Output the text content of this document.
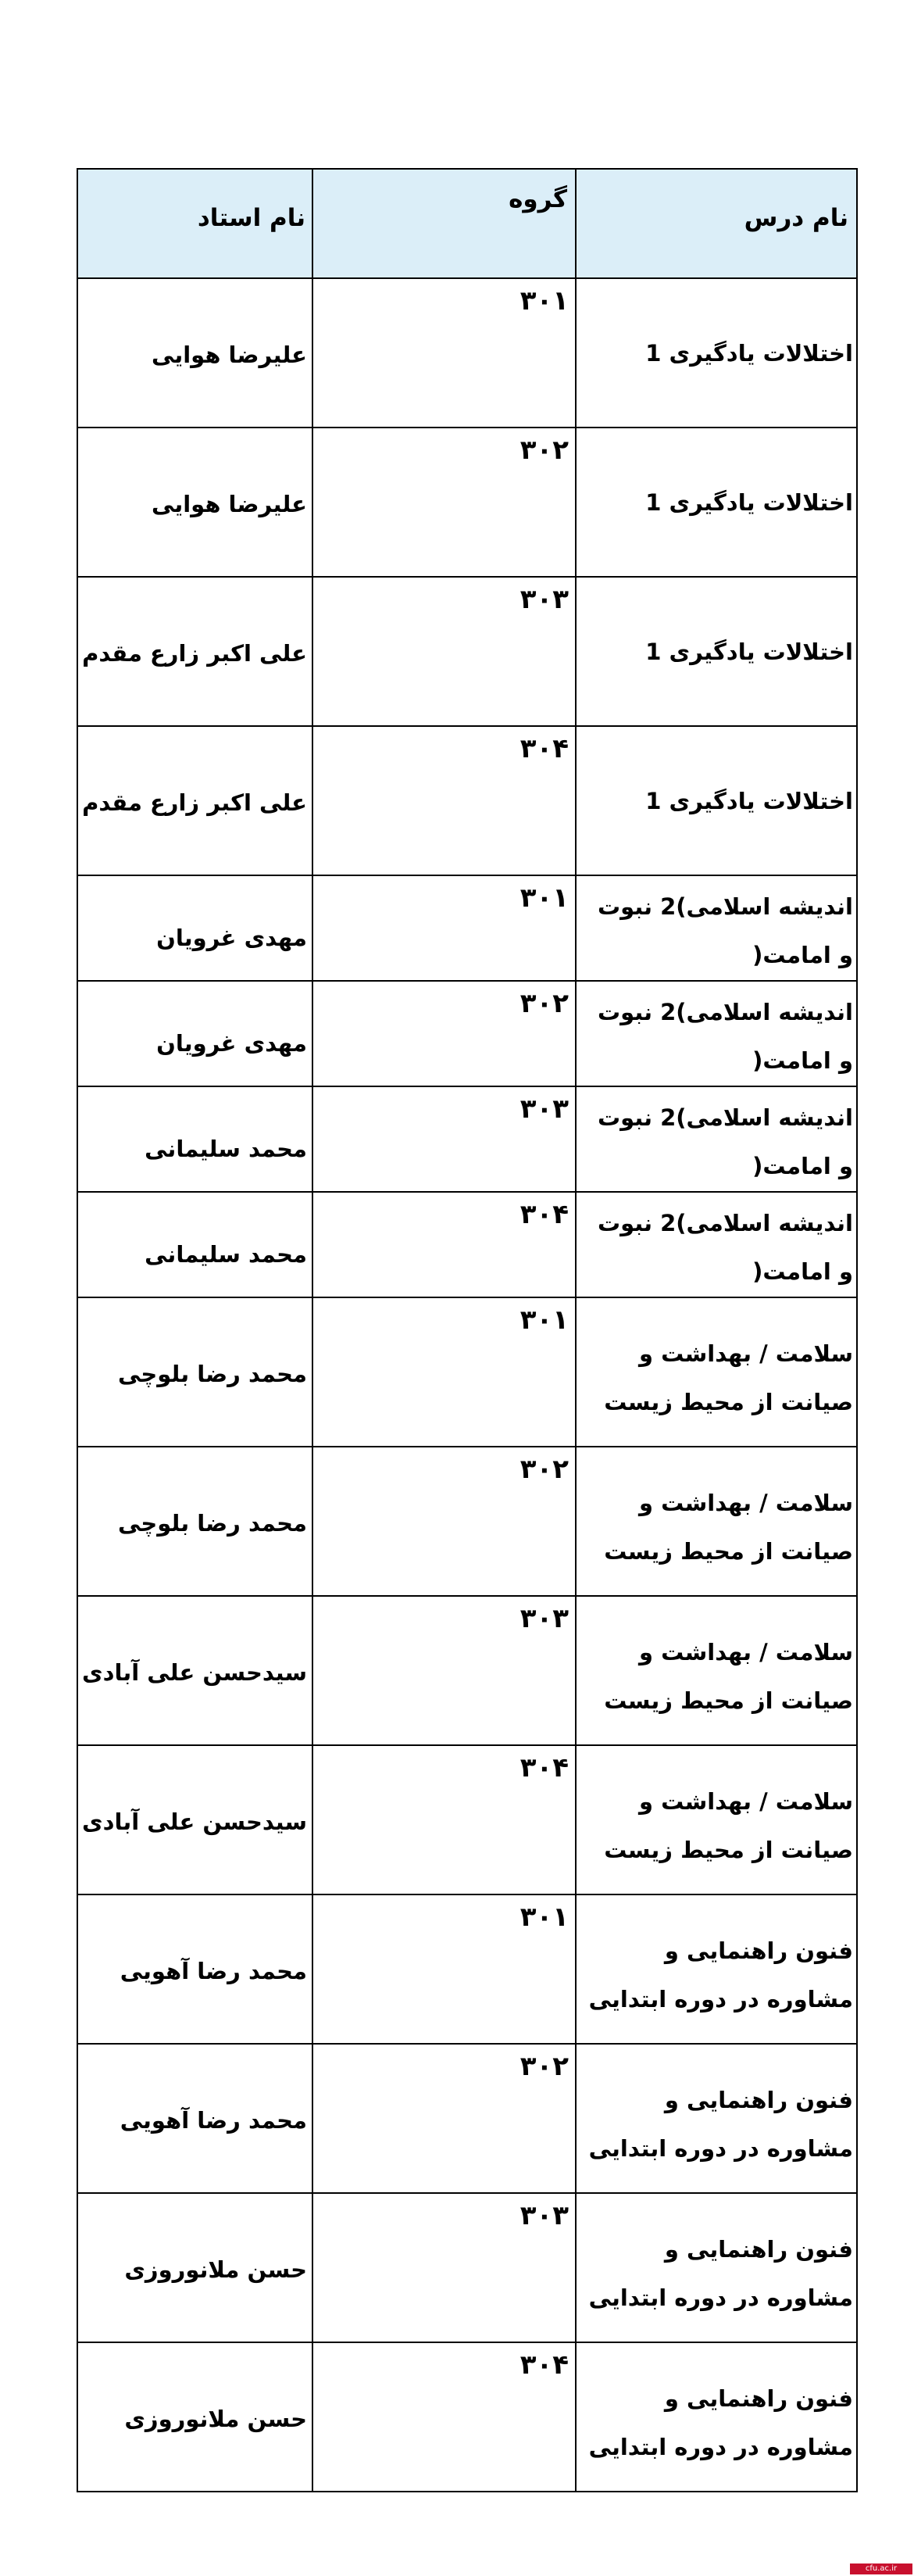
نام درس	گروه	نام استاد

اختلالات یادگیری 1	۳۰۱	علیرضا هوایی

اختلالات یادگیری 1	۳۰۲	علیرضا هوایی

اختلالات یادگیری 1	۳۰۳	علی اکبر زارع مقدم

اختلالات یادگیری 1	۳۰۴	علی اکبر زارع مقدم

اندیشه اسلامی)2 نبوت و امامت(	۳۰۱	مهدی غرویان

اندیشه اسلامی)2 نبوت و امامت(	۳۰۲	مهدی غرویان

اندیشه اسلامی)2 نبوت و امامت(	۳۰۳	محمد سلیمانی

اندیشه اسلامی)2 نبوت و امامت(	۳۰۴	محمد سلیمانی

سلامت / بهداشت و صیانت از محیط زیست	۳۰۱	محمد رضا بلوچی

سلامت / بهداشت و صیانت از محیط زیست	۳۰۲	محمد رضا بلوچی

سلامت / بهداشت و صیانت از محیط زیست	۳۰۳	سیدحسن علی آبادی

سلامت / بهداشت و صیانت از محیط زیست	۳۰۴	سیدحسن علی آبادی

فنون راهنمایی و مشاوره در دوره ابتدایی	۳۰۱	محمد رضا آهویی

فنون راهنمایی و مشاوره در دوره ابتدایی	۳۰۲	محمد رضا آهویی

فنون راهنمایی و مشاوره در دوره ابتدایی	۳۰۳	حسن ملانوروزی

فنون راهنمایی و مشاوره در دوره ابتدایی	۳۰۴	حسن ملانوروزی
cfu.ac.ir
